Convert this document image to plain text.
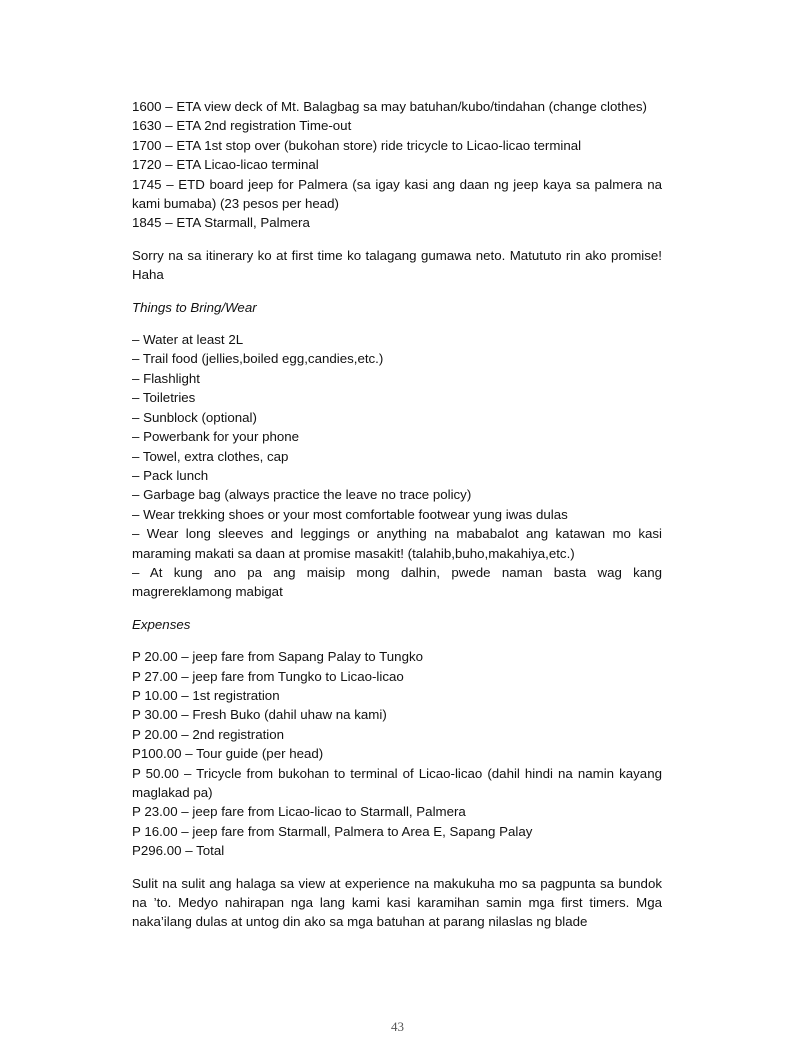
1600 – ETA view deck of Mt. Balagbag sa may batuhan/kubo/tindahan (change clothes)
1630 – ETA 2nd registration Time-out
1700 – ETA 1st stop over (bukohan store) ride tricycle to Licao-licao terminal
1720 – ETA Licao-licao terminal
1745 – ETD board jeep for Palmera (sa igay kasi ang daan ng jeep kaya sa palmera na kami bumaba) (23 pesos per head)
1845 – ETA Starmall, Palmera

Sorry na sa itinerary ko at first time ko talagang gumawa neto. Matututo rin ako promise! Haha

Things to Bring/Wear

– Water at least 2L
– Trail food (jellies,boiled egg,candies,etc.)
– Flashlight
– Toiletries
– Sunblock (optional)
– Powerbank for your phone
– Towel, extra clothes, cap
– Pack lunch
– Garbage bag (always practice the leave no trace policy)
– Wear trekking shoes or your most comfortable footwear yung iwas dulas
– Wear long sleeves and leggings or anything na mababalot ang katawan mo kasi maraming makati sa daan at promise masakit! (talahib,buho,makahiya,etc.)
– At kung ano pa ang maisip mong dalhin, pwede naman basta wag kang magrereklamong mabigat

Expenses

P 20.00 – jeep fare from Sapang Palay to Tungko
P 27.00 – jeep fare from Tungko to Licao-licao
P 10.00 – 1st registration
P 30.00 – Fresh Buko (dahil uhaw na kami)
P 20.00 – 2nd registration
P100.00 – Tour guide (per head)
P 50.00 – Tricycle from bukohan to terminal of Licao-licao (dahil hindi na namin kayang maglakad pa)
P 23.00 – jeep fare from Licao-licao to Starmall, Palmera
P 16.00 – jeep fare from Starmall, Palmera to Area E, Sapang Palay
P296.00 – Total

Sulit na sulit ang halaga sa view at experience na makukuha mo sa pagpunta sa bundok na ’to. Medyo nahirapan nga lang kami kasi karamihan samin mga first timers. Mga naka’ilang dulas at untog din ako sa mga batuhan at parang nilaslas ng blade

43
